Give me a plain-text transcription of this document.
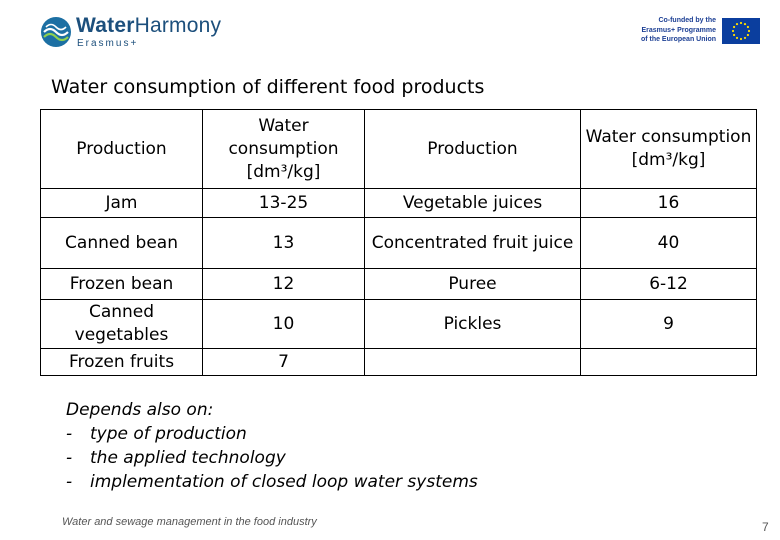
WaterHarmony
Erasmus+
Co-funded by the
Erasmus+ Programme
of the European Union
Water consumption of different food products
Production	Water consumption [dm³/kg]	Production	Water consumption [dm³/kg]
Jam	13-25	Vegetable juices	16
Canned bean	13	Concentrated fruit juice	40
Frozen bean	12	Puree	6-12
Canned vegetables	10	Pickles	9
Frozen fruits	7		
Depends also on:
-	type of production
-	the applied technology
-	implementation of closed loop water systems
Water and sewage management in the food industry	7
